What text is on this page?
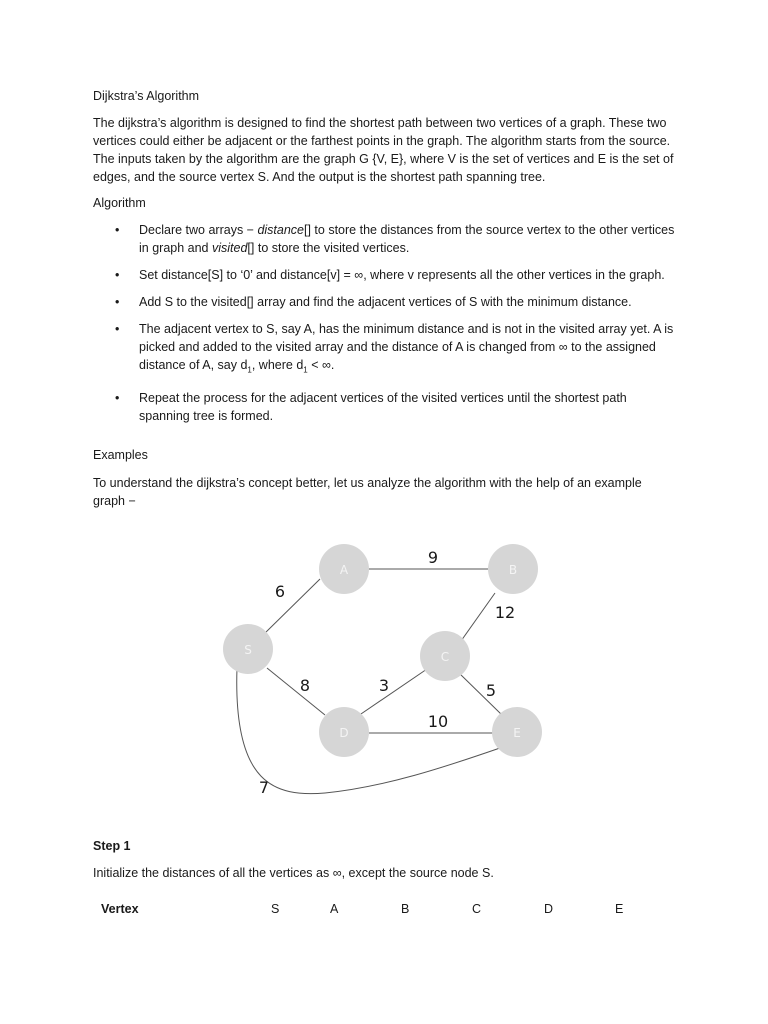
Dijkstra’s Algorithm

The dijkstra’s algorithm is designed to find the shortest path between two vertices of a graph. These two vertices could either be adjacent or the farthest points in the graph. The algorithm starts from the source. The inputs taken by the algorithm are the graph G {V, E}, where V is the set of vertices and E is the set of edges, and the source vertex S. And the output is the shortest path spanning tree.

Algorithm

• Declare two arrays − distance[] to store the distances from the source vertex to the other vertices in graph and visited[] to store the visited vertices.
• Set distance[S] to ‘0’ and distance[v] = ∞, where v represents all the other vertices in the graph.
• Add S to the visited[] array and find the adjacent vertices of S with the minimum distance.
• The adjacent vertex to S, say A, has the minimum distance and is not in the visited array yet. A is picked and added to the visited array and the distance of A is changed from ∞ to the assigned distance of A, say $d_1$, where $d_1$ < ∞.
• Repeat the process for the adjacent vertices of the visited vertices until the shortest path spanning tree is formed.

Examples

To understand the dijkstra’s concept better, let us analyze the algorithm with the help of an example graph −

A	B
S	C
D	E
9
6
12
8	3	5
10
7

Step 1

Initialize the distances of all the vertices as ∞, except the source node S.

Vertex	S	A	B	C	D	E
